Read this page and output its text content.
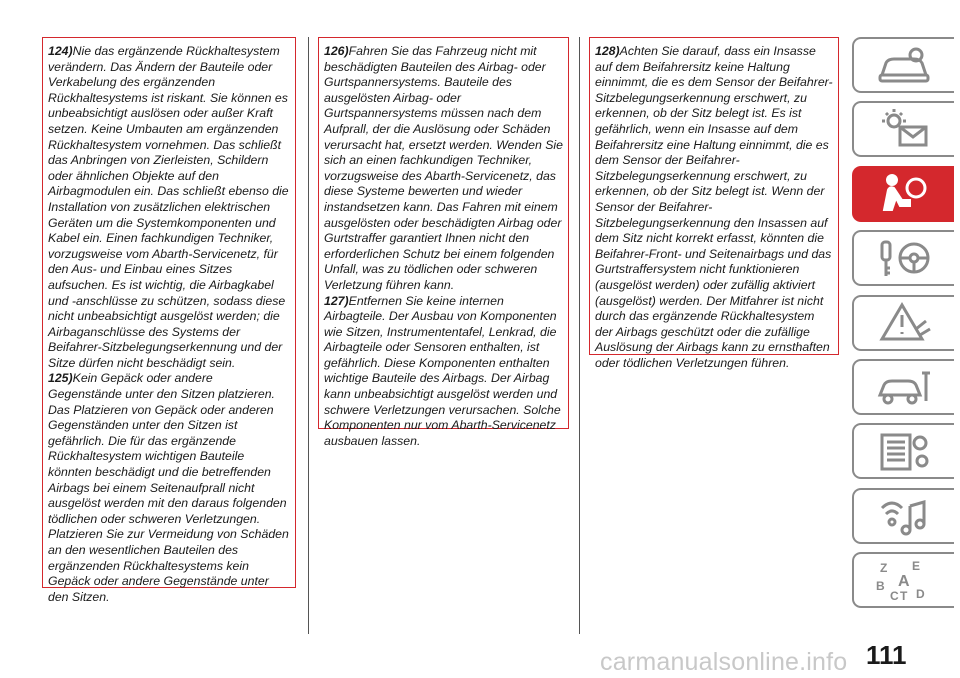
124)Nie das ergänzende Rückhaltesystem verändern. Das Ändern der Bauteile oder Verkabelung des ergänzenden Rückhaltesystems ist riskant. Sie können es unbeabsichtigt auslösen oder außer Kraft setzen. Keine Umbauten am ergänzenden Rückhaltesystem vornehmen. Das schließt das Anbringen von Zierleisten, Schildern oder ähnlichen Objekte auf den Airbagmodulen ein. Das schließt ebenso die Installation von zusätzlichen elektrischen Geräten um die Systemkomponenten und Kabel ein. Einen fachkundigen Techniker, vorzugsweise vom Abarth-Servicenetz, für den Aus- und Einbau eines Sitzes aufsuchen. Es ist wichtig, die Airbagkabel und -anschlüsse zu schützen, sodass diese nicht unbeabsichtigt ausgelöst werden; die Airbaganschlüsse des Systems der Beifahrer-Sitzbelegungserkennung und der Sitze dürfen nicht beschädigt sein.

125)Kein Gepäck oder andere Gegenstände unter den Sitzen platzieren. Das Platzieren von Gepäck oder anderen Gegenständen unter den Sitzen ist gefährlich. Die für das ergänzende Rückhaltesystem wichtigen Bauteile könnten beschädigt und die betreffenden Airbags bei einem Seitenaufprall nicht ausgelöst werden mit den daraus folgenden tödlichen oder schweren Verletzungen. Platzieren Sie zur Vermeidung von Schäden an den wesentlichen Bauteilen des ergänzenden Rückhaltesystems kein Gepäck oder andere Gegenstände unter den Sitzen.

126)Fahren Sie das Fahrzeug nicht mit beschädigten Bauteilen des Airbag- oder Gurtspannersystems. Bauteile des ausgelösten Airbag- oder Gurtspannersystems müssen nach dem Aufprall, der die Auslösung oder Schäden verursacht hat, ersetzt werden. Wenden Sie sich an einen fachkundigen Techniker, vorzugsweise des Abarth-Servicenetz, das diese Systeme bewerten und wieder instandsetzen kann. Das Fahren mit einem ausgelösten oder beschädigten Airbag oder Gurtstraffer garantiert Ihnen nicht den erforderlichen Schutz bei einem folgenden Unfall, was zu tödlichen oder schweren Verletzung führen kann.

127)Entfernen Sie keine internen Airbagteile. Der Ausbau von Komponenten wie Sitzen, Instrumententafel, Lenkrad, die Airbagteile oder Sensoren enthalten, ist gefährlich. Diese Komponenten enthalten wichtige Bauteile des Airbags. Der Airbag kann unbeabsichtigt ausgelöst werden und schwere Verletzungen verursachen. Solche Komponenten nur vom Abarth-Servicenetz ausbauen lassen.

128)Achten Sie darauf, dass ein Insasse auf dem Beifahrersitz keine Haltung einnimmt, die es dem Sensor der Beifahrer-Sitzbelegungserkennung erschwert, zu erkennen, ob der Sitz belegt ist. Es ist gefährlich, wenn ein Insasse auf dem Beifahrersitz eine Haltung einnimmt, die es dem Sensor der Beifahrer-Sitzbelegungserkennung erschwert, zu erkennen, ob der Sitz belegt ist. Wenn der Sensor der Beifahrer-Sitzbelegungserkennung den Insassen auf dem Sitz nicht korrekt erfasst, könnten die Beifahrer-Front- und Seitenairbags und das Gurtstraffersystem nicht funktionieren (ausgelöst werden) oder zufällig aktiviert (ausgelöst) werden. Der Mitfahrer ist nicht durch das ergänzende Rückhaltesystem der Airbags geschützt oder die zufällige Auslösung der Airbags kann zu ernsthaften oder tödlichen Verletzungen führen.

Z E
B A
C T D
111
carmanualsonline.info
